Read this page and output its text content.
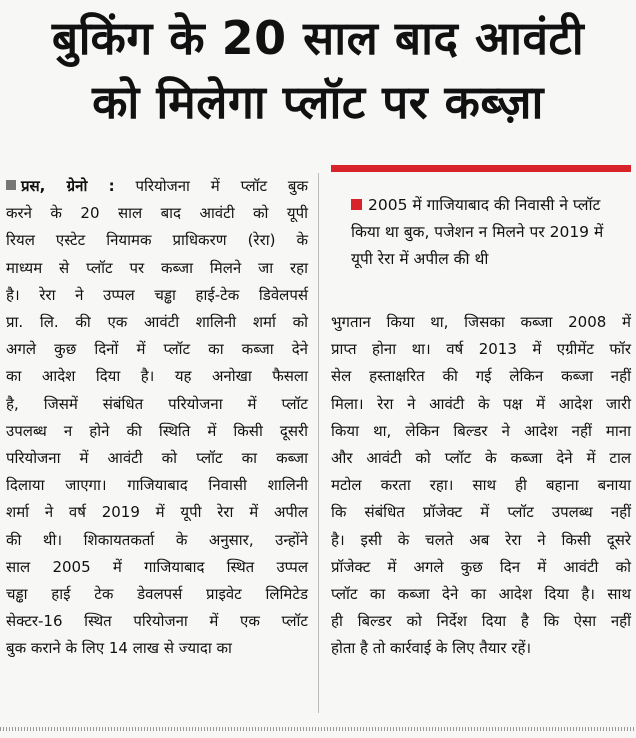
बुकिंग के 20 साल बाद आवंटी
को मिलेगा प्लॉट पर कब्ज़ा
प्रस, ग्रेनो : परियोजना में प्लॉट बुक
करने के 20 साल बाद आवंटी को यूपी
रियल एस्टेट नियामक प्राधिकरण (रेरा) के
माध्यम से प्लॉट पर कब्जा मिलने जा रहा
है। रेरा ने उप्पल चड्ढा हाई-टेक डिवेलपर्स
प्रा. लि. की एक आवंटी शालिनी शर्मा को
अगले कुछ दिनों में प्लॉट का कब्जा देने
का आदेश दिया है। यह अनोखा फैसला
है, जिसमें संबंधित परियोजना में प्लॉट
उपलब्ध न होने की स्थिति में किसी दूसरी
परियोजना में आवंटी को प्लॉट का कब्जा
दिलाया जाएगा। गाजियाबाद निवासी शालिनी
शर्मा ने वर्ष 2019 में यूपी रेरा में अपील
की थी। शिकायतकर्ता के अनुसार, उन्होंने
साल 2005 में गाजियाबाद स्थित उप्पल
चड्ढा हाई टेक डेवलपर्स प्राइवेट लिमिटेड
सेक्टर-16 स्थित परियोजना में एक प्लॉट
बुक कराने के लिए 14 लाख से ज्यादा का
2005 में गाजियाबाद की निवासी ने प्लॉट किया था बुक, पजेशन न मिलने पर 2019 में यूपी रेरा में अपील की थी
भुगतान किया था, जिसका कब्जा 2008 में
प्राप्त होना था। वर्ष 2013 में एग्रीमेंट फॉर
सेल हस्ताक्षरित की गई लेकिन कब्जा नहीं
मिला। रेरा ने आवंटी के पक्ष में आदेश जारी
किया था, लेकिन बिल्डर ने आदेश नहीं माना
और आवंटी को प्लॉट के कब्जा देने में टाल
मटोल करता रहा। साथ ही बहाना बनाया
कि संबंधित प्रॉजेक्ट में प्लॉट उपलब्ध नहीं
है। इसी के चलते अब रेरा ने किसी दूसरे
प्रॉजेक्ट में अगले कुछ दिन में आवंटी को
प्लॉट का कब्जा देने का आदेश दिया है। साथ
ही बिल्डर को निर्देश दिया है कि ऐसा नहीं
होता है तो कार्रवाई के लिए तैयार रहें।
